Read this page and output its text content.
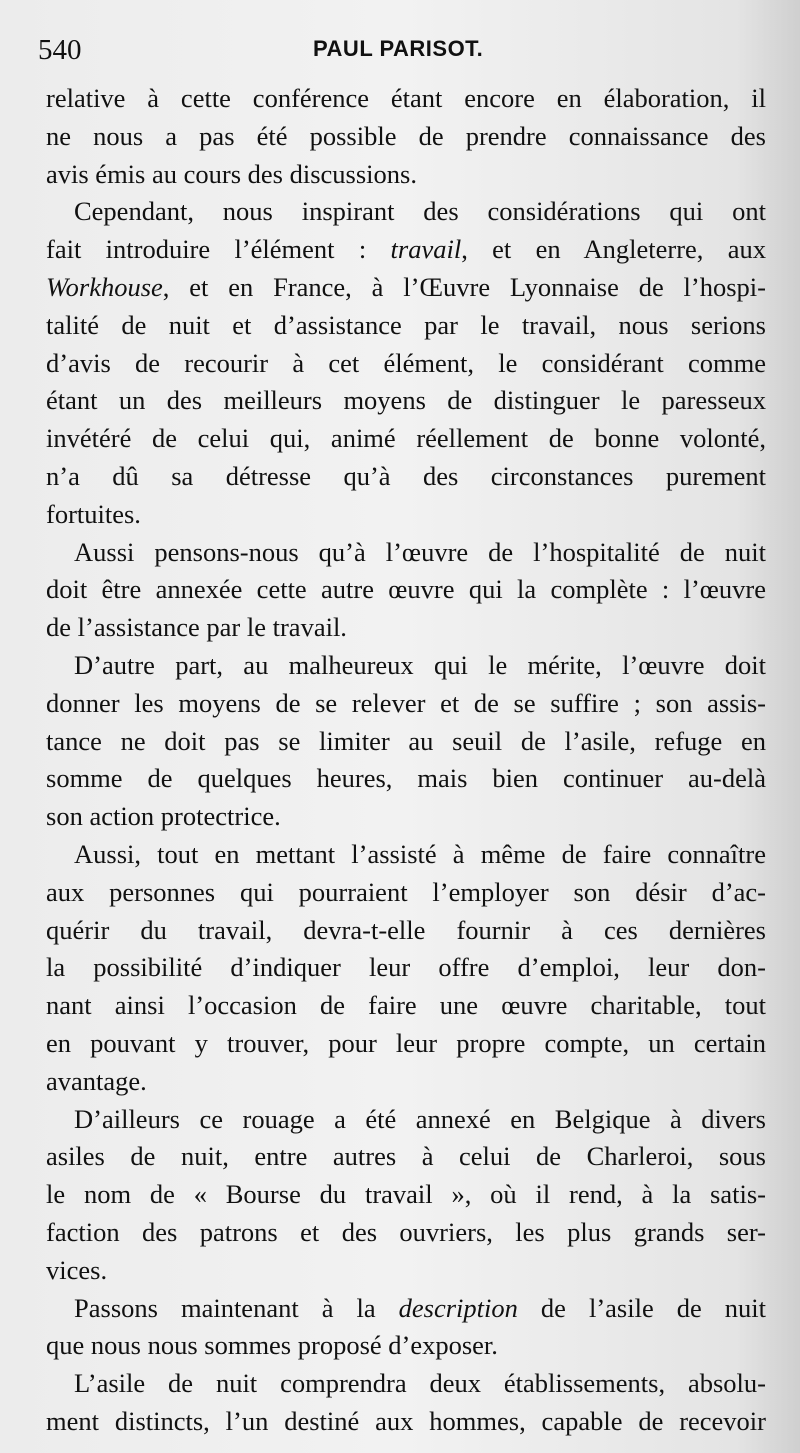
540	PAUL PARISOT.
relative à cette conférence étant encore en élaboration, il
ne nous a pas été possible de prendre connaissance des
avis émis au cours des discussions.
Cependant, nous inspirant des considérations qui ont
fait introduire l’élément : travail, et en Angleterre, aux
Workhouse, et en France, à l’Œuvre Lyonnaise de l’hospi-
talité de nuit et d’assistance par le travail, nous serions
d’avis de recourir à cet élément, le considérant comme
étant un des meilleurs moyens de distinguer le paresseux
invétéré de celui qui, animé réellement de bonne volonté,
n’a dû sa détresse qu’à des circonstances purement
fortuites.
Aussi pensons-nous qu’à l’œuvre de l’hospitalité de nuit
doit être annexée cette autre œuvre qui la complète : l’œuvre
de l’assistance par le travail.
D’autre part, au malheureux qui le mérite, l’œuvre doit
donner les moyens de se relever et de se suffire ; son assis-
tance ne doit pas se limiter au seuil de l’asile, refuge en
somme de quelques heures, mais bien continuer au-delà
son action protectrice.
Aussi, tout en mettant l’assisté à même de faire connaître
aux personnes qui pourraient l’employer son désir d’ac-
quérir du travail, devra-t-elle fournir à ces dernières
la possibilité d’indiquer leur offre d’emploi, leur don-
nant ainsi l’occasion de faire une œuvre charitable, tout
en pouvant y trouver, pour leur propre compte, un certain
avantage.
D’ailleurs ce rouage a été annexé en Belgique à divers
asiles de nuit, entre autres à celui de Charleroi, sous
le nom de « Bourse du travail », où il rend, à la satis-
faction des patrons et des ouvriers, les plus grands ser-
vices.
Passons maintenant à la description de l’asile de nuit
que nous nous sommes proposé d’exposer.
L’asile de nuit comprendra deux établissements, absolu-
ment distincts, l’un destiné aux hommes, capable de recevoir
